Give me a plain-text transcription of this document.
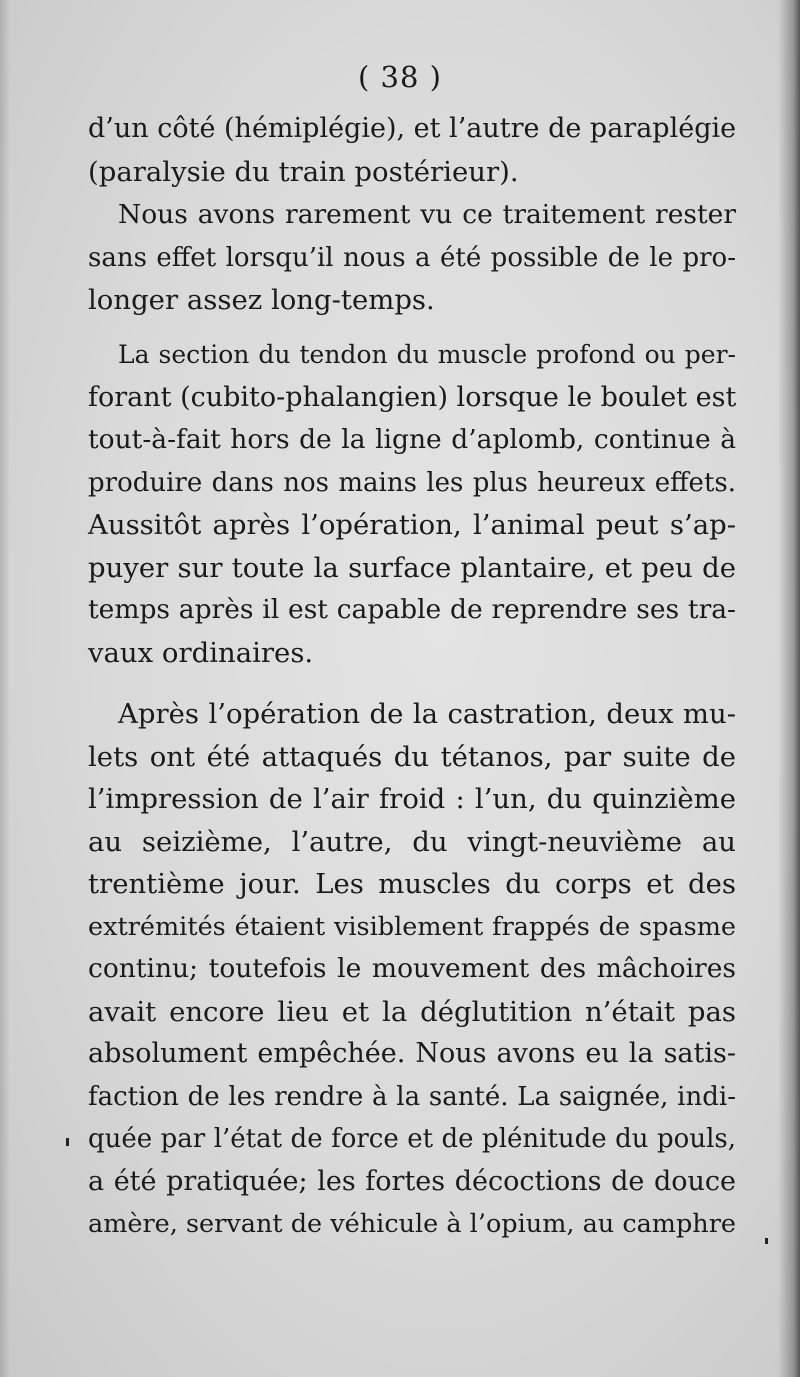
( 38 )
d’un côté (hémiplégie), et l’autre de paraplégie
(paralysie du train postérieur).
Nous avons rarement vu ce traitement rester
sans effet lorsqu’il nous a été possible de le pro-
longer assez long-temps.
La section du tendon du muscle profond ou per-
forant (cubito-phalangien) lorsque le boulet est
tout-à-fait hors de la ligne d’aplomb, continue à
produire dans nos mains les plus heureux effets.
Aussitôt après l’opération, l’animal peut s’ap-
puyer sur toute la surface plantaire, et peu de
temps après il est capable de reprendre ses tra-
vaux ordinaires.
Après l’opération de la castration, deux mu-
lets ont été attaqués du tétanos, par suite de
l’impression de l’air froid : l’un, du quinzième
au seizième, l’autre, du vingt-neuvième au
trentième jour. Les muscles du corps et des
extrémités étaient visiblement frappés de spasme
continu; toutefois le mouvement des mâchoires
avait encore lieu et la déglutition n’était pas
absolument empêchée. Nous avons eu la satis-
faction de les rendre à la santé. La saignée, indi-
quée par l’état de force et de plénitude du pouls,
a été pratiquée; les fortes décoctions de douce
amère, servant de véhicule à l’opium, au camphre
